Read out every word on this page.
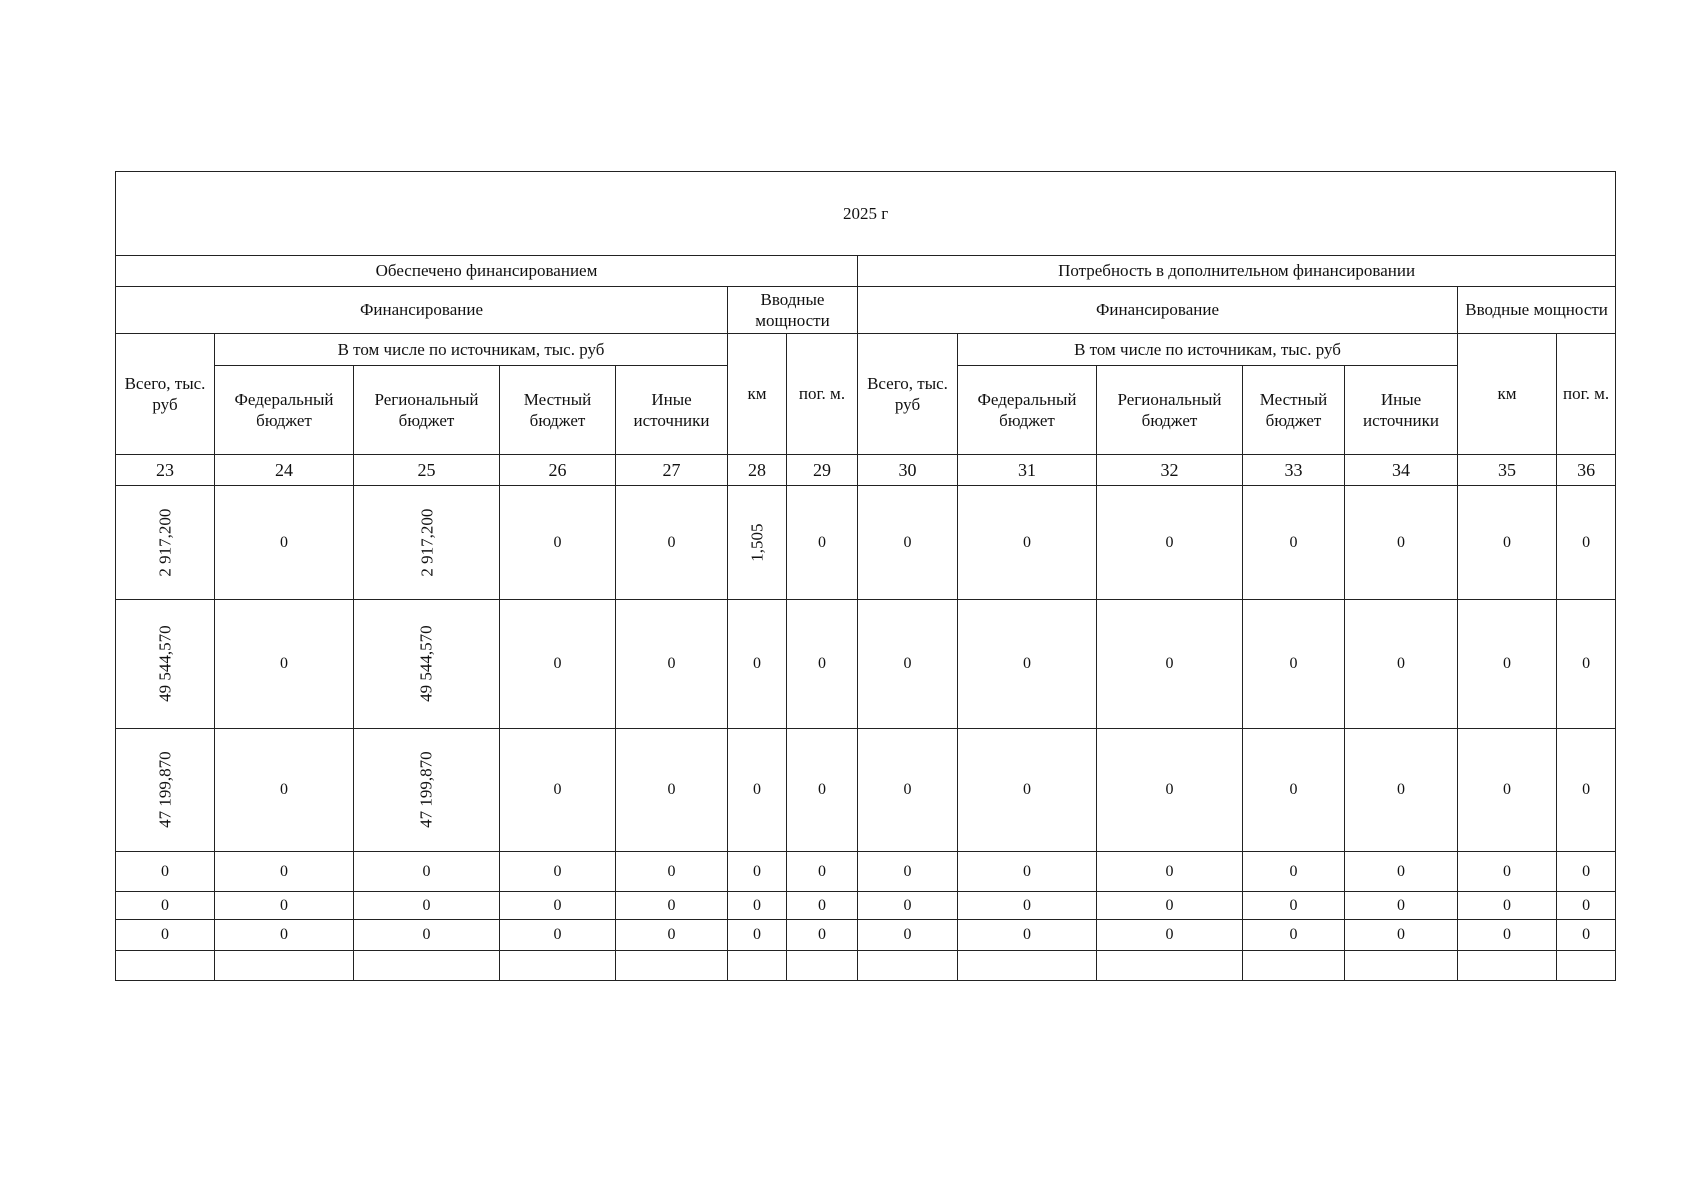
2025 г													
Обеспечено финансированием							Потребность в дополнительном финансировании						
Финансирование					Вводные мощности		Финансирование					Вводные мощности	
Всего, тыс. руб	В том числе по источникам, тыс. руб				км	пог. м.	Всего, тыс. руб	В том числе по источникам, тыс. руб				км	пог. м.
	Федеральный бюджет	Региональный бюджет	Местный бюджет	Иные источники				Федеральный бюджет	Региональный бюджет	Местный бюджет	Иные источники		
23	24	25	26	27	28	29	30	31	32	33	34	35	36
2 917,200	0	2 917,200	0	0	1,505	0	0	0	0	0	0	0	0
49 544,570	0	49 544,570	0	0	0	0	0	0	0	0	0	0	0
47 199,870	0	47 199,870	0	0	0	0	0	0	0	0	0	0	0
0	0	0	0	0	0	0	0	0	0	0	0	0	0
0	0	0	0	0	0	0	0	0	0	0	0	0	0
0	0	0	0	0	0	0	0	0	0	0	0	0	0
